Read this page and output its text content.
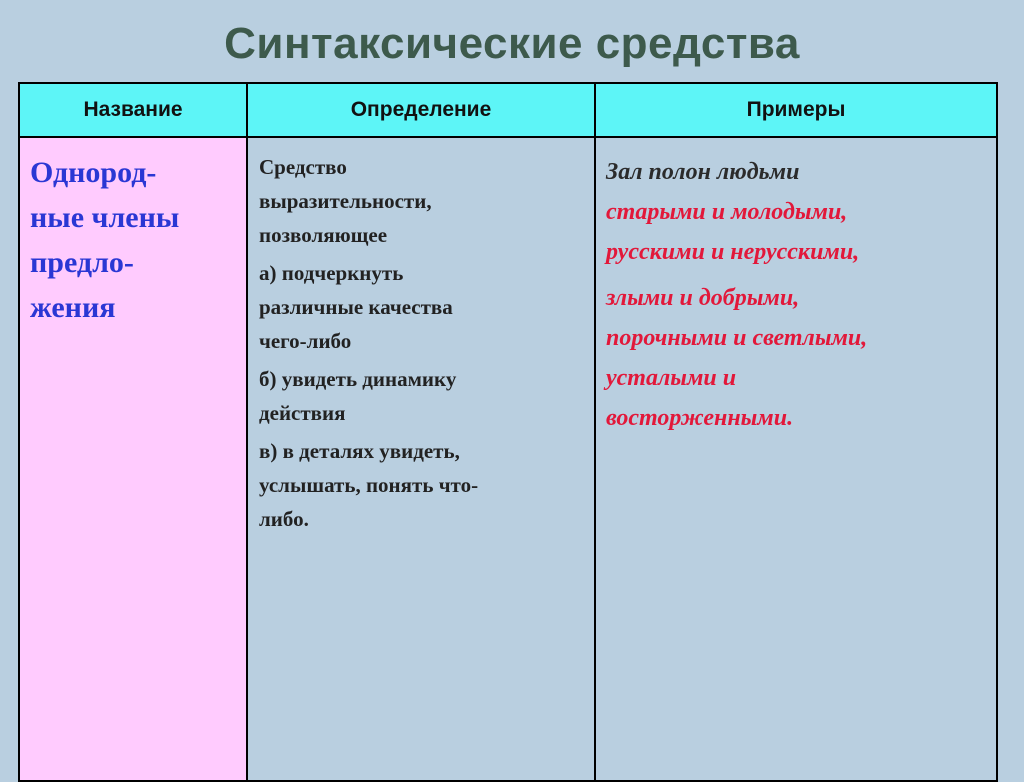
Синтаксические средства
Название	Определение	Примеры
Однород-
ные члены
предло-
жения

Средство
выразительности,
позволяющее

а) подчеркнуть
различные качества
чего-либо

б) увидеть динамику
действия

в) в деталях увидеть,
услышать, понять что-
либо.

Зал полон людьми
старыми и молодыми,
русскими и нерусскими,
злыми и добрыми,
порочными и светлыми,
усталыми и
восторженными.
